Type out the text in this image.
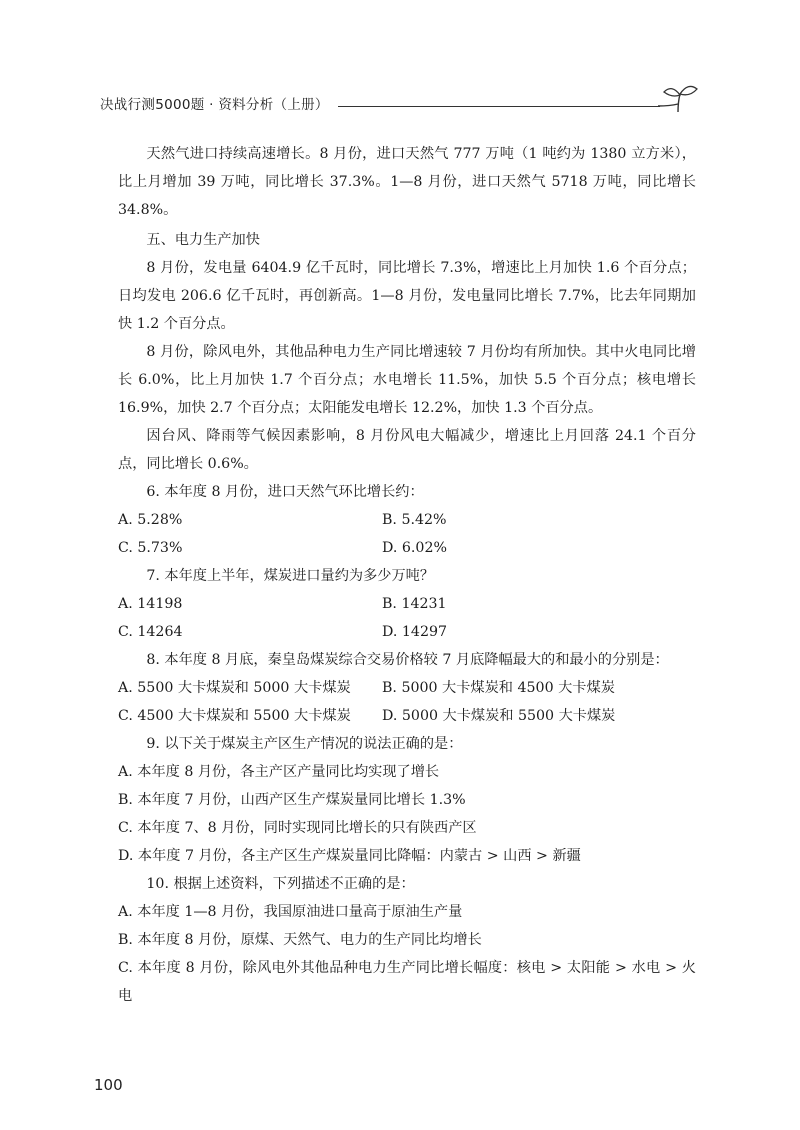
决战行测5000题 · 资料分析（上册）

天然气进口持续高速增长。8 月份，进口天然气 777 万吨（1 吨约为 1380 立方米），比上月增加 39 万吨，同比增长 37.3%。1—8 月份，进口天然气 5718 万吨，同比增长 34.8%。

五、电力生产加快

8 月份，发电量 6404.9 亿千瓦时，同比增长 7.3%，增速比上月加快 1.6 个百分点；日均发电 206.6 亿千瓦时，再创新高。1—8 月份，发电量同比增长 7.7%，比去年同期加快 1.2 个百分点。

8 月份，除风电外，其他品种电力生产同比增速较 7 月份均有所加快。其中火电同比增长 6.0%，比上月加快 1.7 个百分点；水电增长 11.5%，加快 5.5 个百分点；核电增长 16.9%，加快 2.7 个百分点；太阳能发电增长 12.2%，加快 1.3 个百分点。

因台风、降雨等气候因素影响，8 月份风电大幅减少，增速比上月回落 24.1 个百分点，同比增长 0.6%。

6. 本年度 8 月份，进口天然气环比增长约：

A. 5.28%	B. 5.42%

C. 5.73%	D. 6.02%

7. 本年度上半年，煤炭进口量约为多少万吨？

A. 14198	B. 14231

C. 14264	D. 14297

8. 本年度 8 月底，秦皇岛煤炭综合交易价格较 7 月底降幅最大的和最小的分别是：

A. 5500 大卡煤炭和 5000 大卡煤炭	B. 5000 大卡煤炭和 4500 大卡煤炭

C. 4500 大卡煤炭和 5500 大卡煤炭	D. 5000 大卡煤炭和 5500 大卡煤炭

9. 以下关于煤炭主产区生产情况的说法正确的是：

A. 本年度 8 月份，各主产区产量同比均实现了增长

B. 本年度 7 月份，山西产区生产煤炭量同比增长 1.3%

C. 本年度 7、8 月份，同时实现同比增长的只有陕西产区

D. 本年度 7 月份，各主产区生产煤炭量同比降幅：内蒙古 > 山西 > 新疆

10. 根据上述资料，下列描述不正确的是：

A. 本年度 1—8 月份，我国原油进口量高于原油生产量

B. 本年度 8 月份，原煤、天然气、电力的生产同比均增长

C. 本年度 8 月份，除风电外其他品种电力生产同比增长幅度：核电 > 太阳能 > 水电 > 火电

100
